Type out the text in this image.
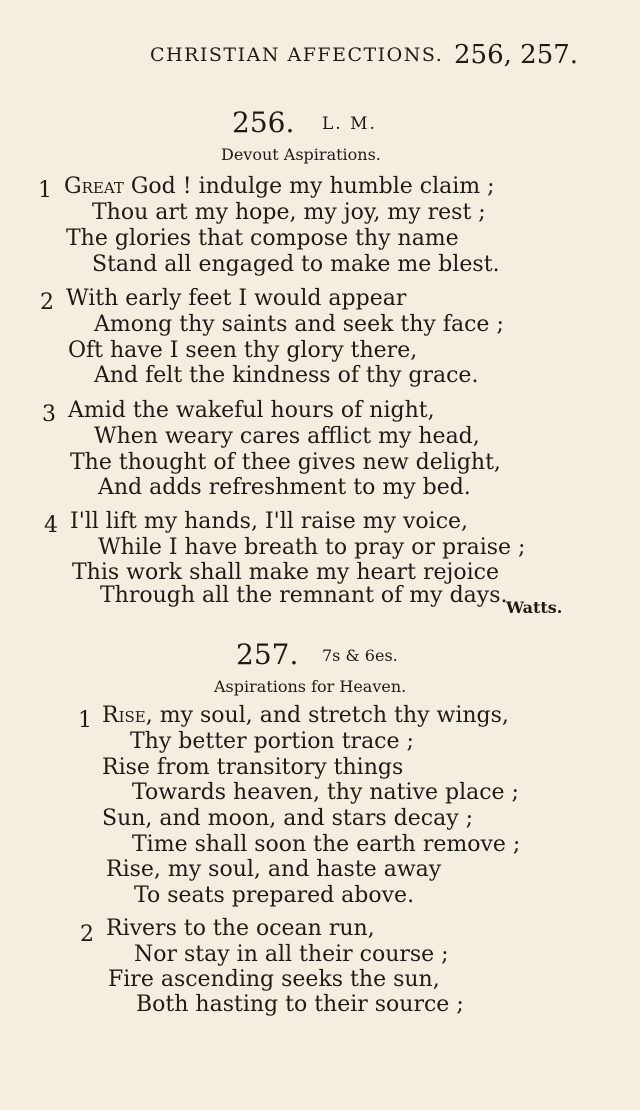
CHRISTIAN AFFECTIONS. 256, 257.
256. L. M.
Devout Aspirations.
1 Great God ! indulge my humble claim ;
Thou art my hope, my joy, my rest ;
The glories that compose thy name
Stand all engaged to make me blest.
2 With early feet I would appear
Among thy saints and seek thy face ;
Oft have I seen thy glory there,
And felt the kindness of thy grace.
3 Amid the wakeful hours of night,
When weary cares afflict my head,
The thought of thee gives new delight,
And adds refreshment to my bed.
4 I'll lift my hands, I'll raise my voice,
While I have breath to pray or praise ;
This work shall make my heart rejoice
Through all the remnant of my days.
Watts.
257. 7s & 6es.
Aspirations for Heaven.
1 Rise, my soul, and stretch thy wings,
Thy better portion trace ;
Rise from transitory things
Towards heaven, thy native place ;
Sun, and moon, and stars decay ;
Time shall soon the earth remove ;
Rise, my soul, and haste away
To seats prepared above.
2 Rivers to the ocean run,
Nor stay in all their course ;
Fire ascending seeks the sun,
Both hasting to their source ;
